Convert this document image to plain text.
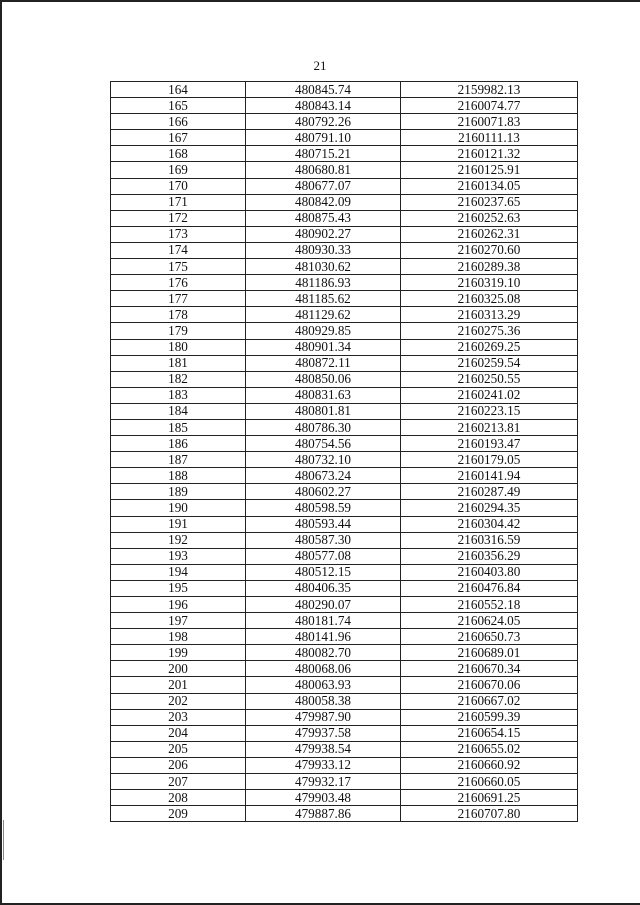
21
164	480845.74	2159982.13
165	480843.14	2160074.77
166	480792.26	2160071.83
167	480791.10	2160111.13
168	480715.21	2160121.32
169	480680.81	2160125.91
170	480677.07	2160134.05
171	480842.09	2160237.65
172	480875.43	2160252.63
173	480902.27	2160262.31
174	480930.33	2160270.60
175	481030.62	2160289.38
176	481186.93	2160319.10
177	481185.62	2160325.08
178	481129.62	2160313.29
179	480929.85	2160275.36
180	480901.34	2160269.25
181	480872.11	2160259.54
182	480850.06	2160250.55
183	480831.63	2160241.02
184	480801.81	2160223.15
185	480786.30	2160213.81
186	480754.56	2160193.47
187	480732.10	2160179.05
188	480673.24	2160141.94
189	480602.27	2160287.49
190	480598.59	2160294.35
191	480593.44	2160304.42
192	480587.30	2160316.59
193	480577.08	2160356.29
194	480512.15	2160403.80
195	480406.35	2160476.84
196	480290.07	2160552.18
197	480181.74	2160624.05
198	480141.96	2160650.73
199	480082.70	2160689.01
200	480068.06	2160670.34
201	480063.93	2160670.06
202	480058.38	2160667.02
203	479987.90	2160599.39
204	479937.58	2160654.15
205	479938.54	2160655.02
206	479933.12	2160660.92
207	479932.17	2160660.05
208	479903.48	2160691.25
209	479887.86	2160707.80
